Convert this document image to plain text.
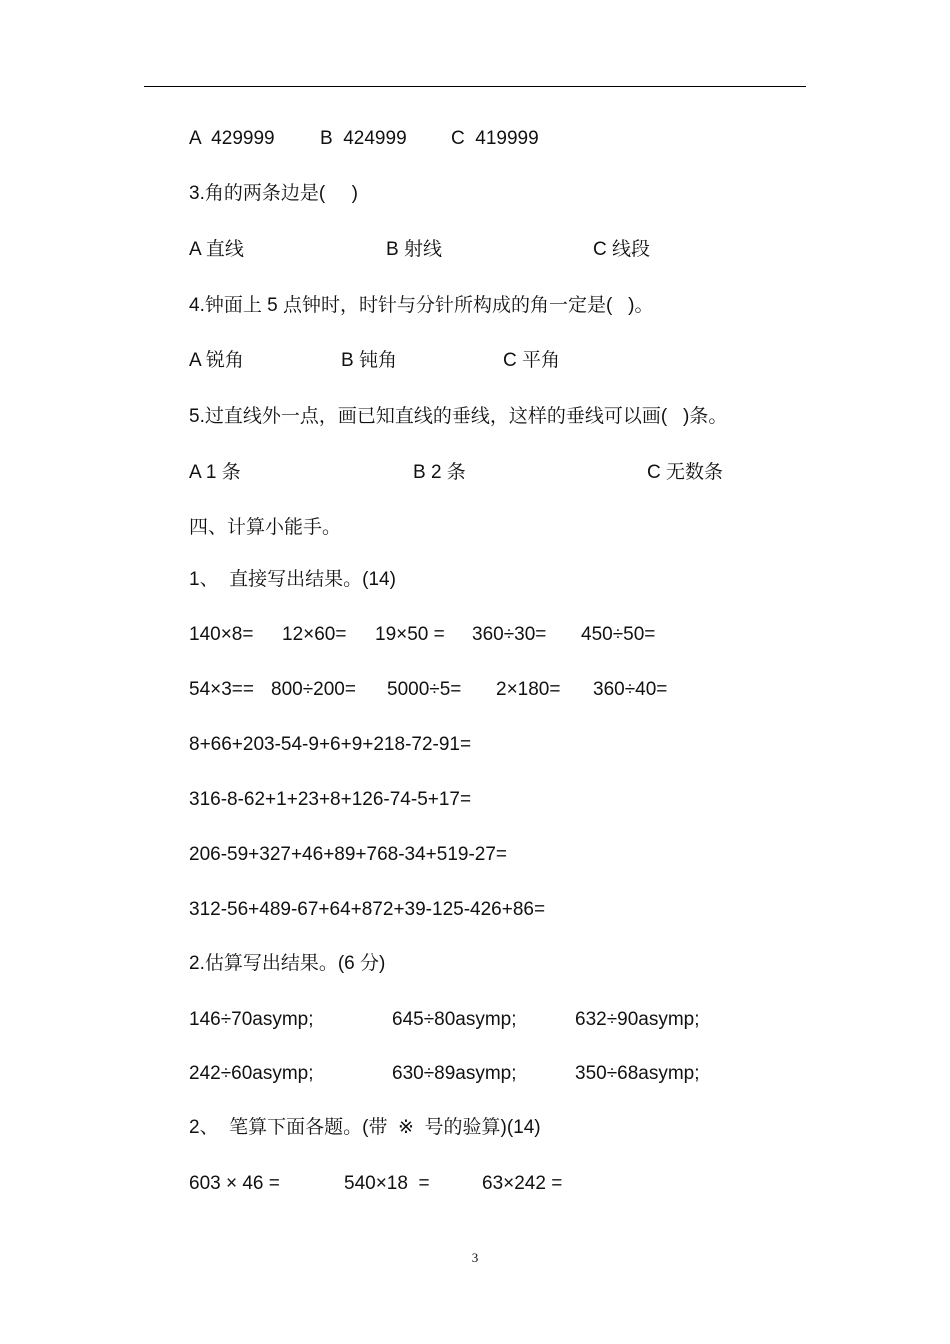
A  429999 B  424999 C  419999
3.角的两条边是(     )
A 直线	B 射线	C 线段
4.钟面上 5 点钟时，时针与分针所构成的角一定是(   )。
A 锐角	B 钝角	C 平角
5.过直线外一点，画已知直线的垂线，这样的垂线可以画(   )条。
A 1 条	B 2 条	C 无数条
四、计算小能手。
1、  直接写出结果。(14)
140×8= 12×60= 19×50 = 360÷30= 450÷50=
54×3== 800÷200= 5000÷5= 2×180= 360÷40=
8+66+203-54-9+6+9+218-72-91=
316-8-62+1+23+8+126-74-5+17=
206-59+327+46+89+768-34+519-27=
312-56+489-67+64+872+39-125-426+86=
2.估算写出结果。(6 分)
146÷70asymp;	645÷80asymp;	632÷90asymp;
242÷60asymp;	630÷89asymp;	350÷68asymp;
2、  笔算下面各题。(带  ※  号的验算)(14)
603 × 46 =	540×18  =	63×242 =
3
